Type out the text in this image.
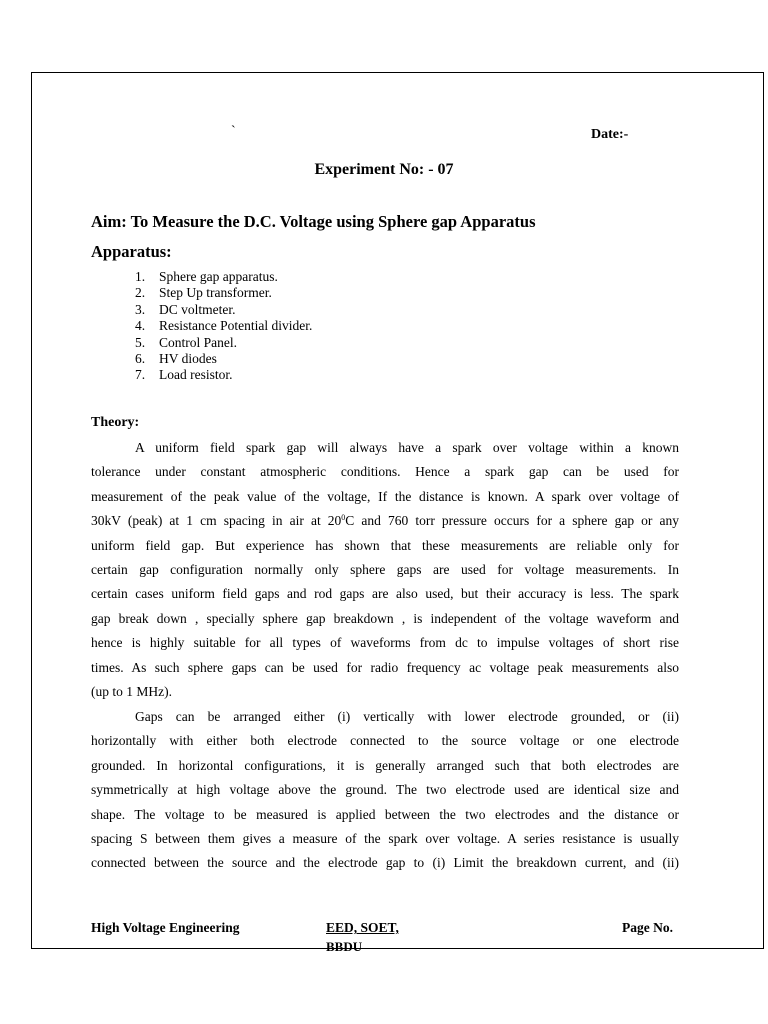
`	Date:-
Experiment No: - 07
Aim: To Measure the D.C. Voltage using Sphere gap Apparatus
Apparatus:
1. Sphere gap apparatus.
2. Step Up transformer.
3. DC voltmeter.
4. Resistance Potential divider.
5. Control Panel.
6. HV diodes
7. Load resistor.
Theory:
A uniform field spark gap will always have a spark over voltage within a known
tolerance under constant atmospheric conditions. Hence a spark gap can be used for
measurement of the peak value of the voltage, If the distance is known. A spark over voltage of
30kV (peak) at 1 cm spacing in air at $20^0C$ and 760 torr pressure occurs for a sphere gap or any
uniform field gap. But experience has shown that these measurements are reliable only for
certain gap configuration normally only sphere gaps are used for voltage measurements. In
certain cases uniform field gaps and rod gaps are also used, but their accuracy is less. The spark
gap break down , specially sphere gap breakdown , is independent of the voltage waveform and
hence is highly suitable for all types of waveforms from dc to impulse voltages of short rise
times. As such sphere gaps can be used for radio frequency ac voltage peak measurements also
(up to 1 MHz).
Gaps can be arranged either (i) vertically with lower electrode grounded, or (ii)
horizontally with either both electrode connected to the source voltage or one electrode
grounded. In horizontal configurations, it is generally arranged such that both electrodes are
symmetrically at high voltage above the ground. The two electrode used are identical size and
shape. The voltage to be measured is applied between the two electrodes and the distance or
spacing S between them gives a measure of the spark over voltage. A series resistance is usually
connected between the source and the electrode gap to (i) Limit the breakdown current, and (ii)
High Voltage Engineering	EED, SOET,
BBDU
Page No.
